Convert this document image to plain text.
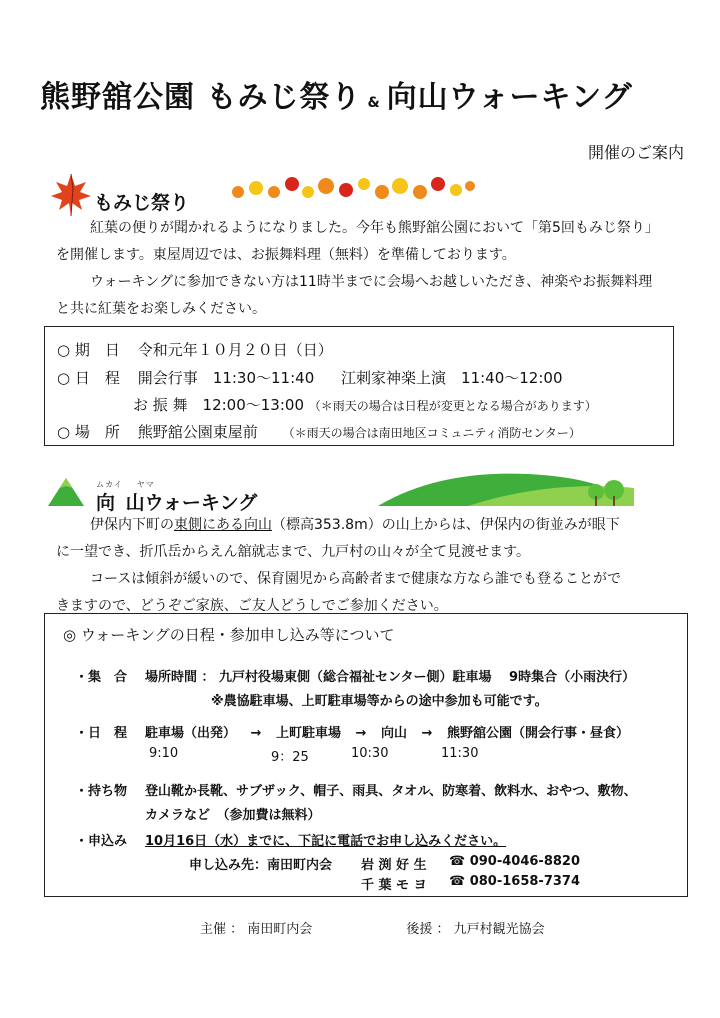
熊野舘公園 もみじ祭り & 向山ウォーキング
開催のご案内
もみじ祭り

紅葉の便りが聞かれるようになりました。今年も熊野舘公園において「第5回もみじ祭り」

を開催します。東屋周辺では、お振舞料理（無料）を準備しております。

ウォーキングに参加できない方は11時半までに会場へお越しいただき、神楽やお振舞料理

と共に紅葉をお楽しみください。

○ 期　日 令和元年１０月２０日（日）
○ 日　程 開会行事　11:30～11:40 江刺家神楽上演　11:40～12:00
お 振 舞　12:00～13:00 （＊雨天の場合は日程が変更となる場合があります）
○ 場　所 熊野舘公園東屋前 （＊雨天の場合は南田地区コミュニティ消防センター）
ムカイ ヤマ
向 山ウォーキング

伊保内下町の東側にある向山（標高353.8m）の山上からは、伊保内の街並みが眼下

に一望でき、折爪岳からえん舘就志まで、九戸村の山々が全て見渡せます。

コースは傾斜が緩いので、保育園児から高齢者まで健康な方なら誰でも登ることがで

きますので、どうぞご家族、ご友人どうしでご参加ください。

◎ ウォーキングの日程・参加申し込み等について
・集　合 場所時間 ： 九戸村役場東側（総合福祉センター側）駐車場　 9時集合（小雨決行）
※農協駐車場、上町駐車場等からの途中参加も可能です。
・日　程 駐車場（出発） → 上町駐車場 → 向山 → 熊野舘公園（開会行事・昼食）
9:10	9：25	10:30	11:30
・持ち物 登山靴か長靴、サブザック、帽子、雨具、タオル、防寒着、飲料水、おやつ、敷物、
カメラなど　（参加費は無料）
・申込み 10月16日（水）までに、下記に電話でお申し込みください。
申し込み先：南田町内会 岩 渕 好 生 ☎ 090-4046-8820
千 葉 モ ヨ ☎ 080-1658-7374
主催 ： 南田町内会	後援 ： 九戸村観光協会
